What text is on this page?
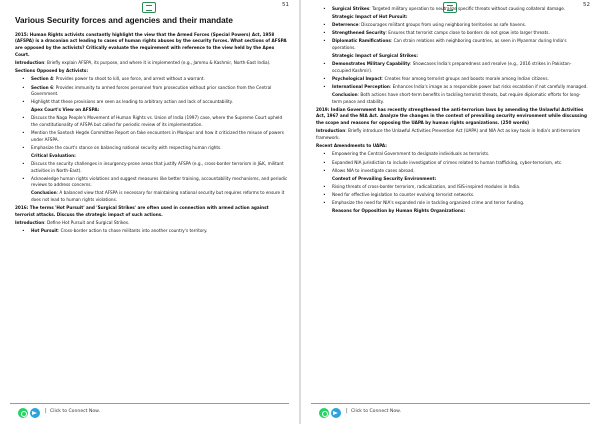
51
Various Security forces and agencies and their mandate

2015: Human Rights activists constantly highlight the view that the Armed Forces (Special Powers) Act, 1958 (AFSPA) is a draconian act leading to cases of human rights abuses by the security forces. What sections of AFSPA are opposed by the activists? Critically evaluate the requirement with reference to the view held by the Apex Court.

Introduction: Briefly explain AFSPA, its purpose, and where it is implemented (e.g., Jammu & Kashmir, North-East India).

Sections Opposed by Activists:

• Section 4: Provides power to shoot to kill, use force, and arrest without a warrant.
• Section 6: Provides immunity to armed forces personnel from prosecution without prior sanction from the Central Government.
• Highlight that these provisions are seen as leading to arbitrary action and lack of accountability.

Apex Court's View on AFSPA:

• Discuss the Naga People's Movement of Human Rights vs. Union of India (1997) case, where the Supreme Court upheld the constitutionality of AFSPA but called for periodic review of its implementation.
• Mention the Santosh Hegde Committee Report on fake encounters in Manipur and how it criticized the misuse of powers under AFSPA.
• Emphasize the court's stance on balancing national security with respecting human rights.

Critical Evaluation:

• Discuss the security challenges in insurgency-prone areas that justify AFSPA (e.g., cross-border terrorism in J&K, militant activities in North-East).
• Acknowledge human rights violations and suggest measures like better training, accountability mechanisms, and periodic reviews to address concerns.

Conclusion: A balanced view that AFSPA is necessary for maintaining national security but requires reforms to ensure it does not lead to human rights violations.

2016: The terms 'Hot Pursuit' and 'Surgical Strikes' are often used in connection with armed action against terrorist attacks. Discuss the strategic impact of such actions.

Introduction: Define Hot Pursuit and Surgical Strikes.

• Hot Pursuit: Cross-border action to chase militants into another country's territory.
| Click to Connect Now.
52
• Surgical Strikes: Targeted military operation to neutralize specific threats without causing collateral damage.

Strategic Impact of Hot Pursuit:

• Deterrence: Discourages militant groups from using neighboring territories as safe havens.
• Strengthened Security: Ensures that terrorist camps close to borders do not grow into larger threats.
• Diplomatic Ramifications: Can strain relations with neighboring countries, as seen in Myanmar during India's operations.

Strategic Impact of Surgical Strikes:

• Demonstrates Military Capability: Showcases India's preparedness and resolve (e.g., 2016 strikes in Pakistan-occupied Kashmir).
• Psychological Impact: Creates fear among terrorist groups and boosts morale among Indian citizens.
• International Perception: Enhances India's image as a responsible power but risks escalation if not carefully managed.

Conclusion: Both actions have short-term benefits in tackling terrorist threats, but require diplomatic efforts for long-term peace and stability.

2019: Indian Government has recently strengthened the anti-terrorism laws by amending the Unlawful Activities Act, 1967 and the NIA Act. Analyze the changes in the context of prevailing security environment while discussing the scope and reasons for opposing the UAPA by human rights organizations. (250 words)

Introduction: Briefly introduce the Unlawful Activities Prevention Act (UAPA) and NIA Act as key tools in India's anti-terrorism framework.

Recent Amendments to UAPA:

• Empowering the Central Government to designate individuals as terrorists.
• Expanded NIA jurisdiction to include investigation of crimes related to human trafficking, cyber-terrorism, etc.
• Allows NIA to investigate cases abroad.

Context of Prevailing Security Environment:

• Rising threats of cross-border terrorism, radicalization, and ISIS-inspired modules in India.
• Need for effective legislation to counter evolving terrorist networks.
• Emphasize the need for NIA's expanded role in tackling organized crime and terror funding.

Reasons for Opposition by Human Rights Organizations:

| Click to Connect Now.
